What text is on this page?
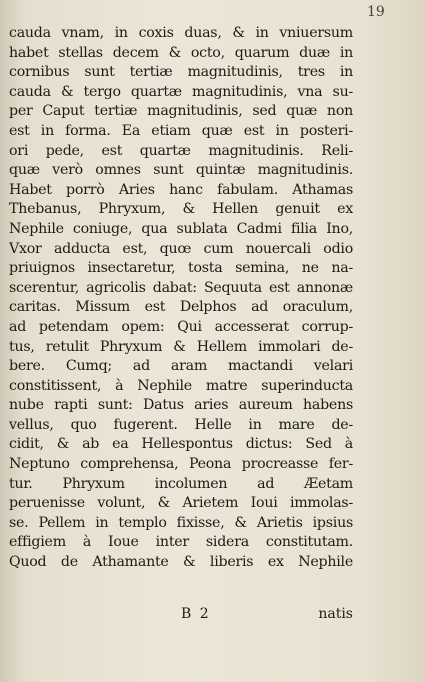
19
cauda vnam, in coxis duas, & in vniuersum
habet stellas decem & octo, quarum duæ in
cornibus sunt tertiæ magnitudinis, tres in
cauda & tergo quartæ magnitudinis, vna su-
per Caput tertiæ magnitudinis, sed quæ non
est in forma. Ea etiam quæ est in posteri-
ori pede, est quartæ magnitudinis. Reli-
quæ verò omnes sunt quintæ magnitudinis.
Habet porrò Aries hanc fabulam. Athamas
Thebanus, Phryxum, & Hellen genuit ex
Nephile coniuge, qua sublata Cadmi filia Ino,
Vxor adducta est, quœ cum nouercali odio
priuignos insectaretur, tosta semina, ne na-
scerentur, agricolis dabat: Sequuta est annonæ
caritas. Missum est Delphos ad oraculum,
ad petendam opem: Qui accesserat corrup-
tus, retulit Phryxum & Hellem immolari de-
bere. Cumq; ad aram mactandi velari
constitissent, à Nephile matre superinducta
nube rapti sunt: Datus aries aureum habens
vellus, quo fugerent. Helle in mare de-
cidit, & ab ea Hellespontus dictus: Sed à
Neptuno comprehensa, Peona procreasse fer-
tur. Phryxum incolumen ad Æetam
peruenisse volunt, & Arietem Ioui immolas-
se. Pellem in templo fixisse, & Arietis ipsius
effigiem à Ioue inter sidera constitutam.
Quod de Athamante & liberis ex Nephile
B 2	natis
